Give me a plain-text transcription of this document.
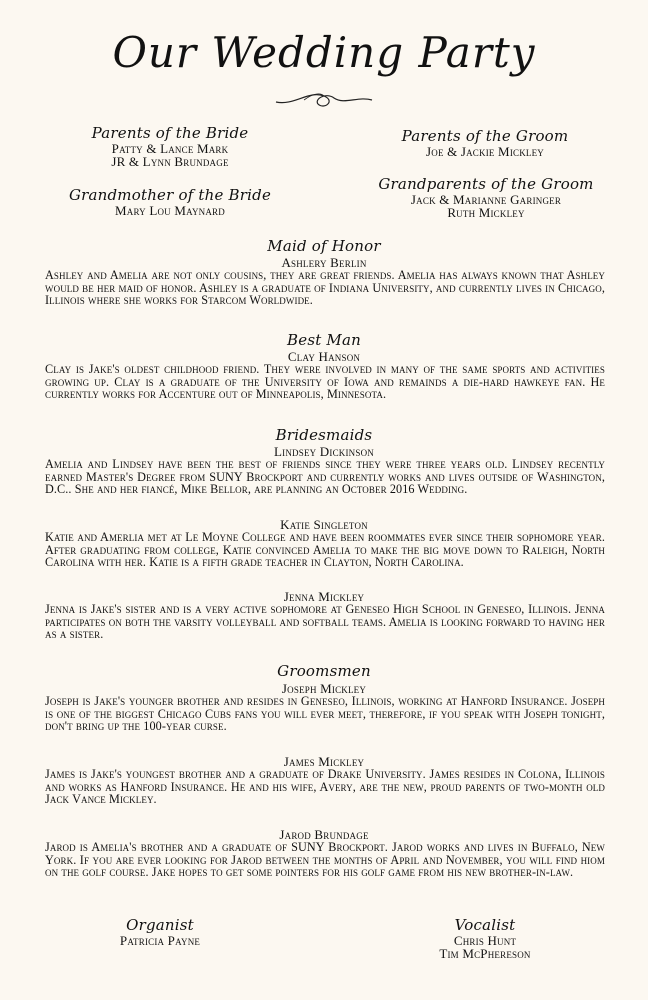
Our Wedding Party
Parents of the Bride
Patty & Lance Mark
JR & Lynn Brundage
Parents of the Groom
Joe & Jackie Mickley
Grandmother of the Bride
Mary Lou Maynard
Grandparents of the Groom
Jack & Marianne Garinger
Ruth Mickley
Maid of Honor
Ashlery Berlin
Ashley and Amelia are not only cousins, they are great friends. Amelia has always known that Ashley would be her maid of honor. Ashley is a graduate of Indiana University, and currently lives in Chicago, Illinois where she works for Starcom Worldwide.
Best Man
Clay Hanson
Clay is Jake's oldest childhood friend. They were involved in many of the same sports and activities growing up. Clay is a graduate of the University of Iowa and remainds a die-hard hawkeye fan. He currently works for Accenture out of Minneapolis, Minnesota.
Bridesmaids
Lindsey Dickinson
Amelia and Lindsey have been the best of friends since they were three years old. Lindsey recently earned Master's Degree from SUNY Brockport and currently works and lives outside of Washington, D.C.. She and her fiancé, Mike Bellor, are planning an October 2016 Wedding.
Katie Singleton
Katie and Amerlia met at Le Moyne College and have been roommates ever since their sophomore year. After graduating from college, Katie convinced Amelia to make the big move down to Raleigh, North Carolina with her. Katie is a fifth grade teacher in Clayton, North Carolina.
Jenna Mickley
Jenna is Jake's sister and is a very active sophomore at Geneseo High School in Geneseo, Illinois. Jenna participates on both the varsity volleyball and softball teams. Amelia is looking forward to having her as a sister.
Groomsmen
Joseph Mickley
Joseph is Jake's younger brother and resides in Geneseo, Illinois, working at Hanford Insurance. Joseph is one of the biggest Chicago Cubs fans you will ever meet, therefore, if you speak with Joseph tonight, don't bring up the 100-year curse.
James Mickley
James is Jake's youngest brother and a graduate of Drake University. James resides in Colona, Illinois and works as Hanford Insurance. He and his wife, Avery, are the new, proud parents of two-month old Jack Vance Mickley.
Jarod Brundage
Jarod is Amelia's brother and a graduate of SUNY Brockport. Jarod works and lives in Buffalo, New York. If you are ever looking for Jarod between the months of April and November, you will find hiom on the golf course. Jake hopes to get some pointers for his golf game from his new brother-in-law.
Organist
Patricia Payne
Vocalist
Chris Hunt
Tim McPhereson
